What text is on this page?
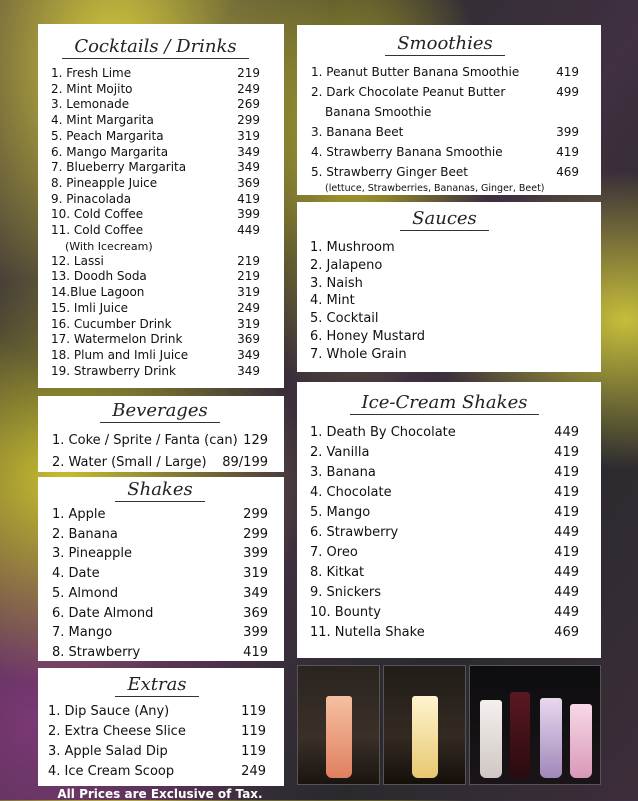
Cocktails / Drinks
1. Fresh Lime	219
2. Mint Mojito	249
3. Lemonade	269
4. Mint Margarita	299
5. Peach Margarita	319
6. Mango Margarita	349
7. Blueberry Margarita	349
8. Pineapple Juice	369
9. Pinacolada	419
10. Cold Coffee	399
11. Cold Coffee	449
(With Icecream)
12. Lassi	219
13. Doodh Soda	219
14.Blue Lagoon	319
15. Imli Juice	249
16. Cucumber Drink	319
17. Watermelon Drink	369
18. Plum and Imli Juice	349
19. Strawberry Drink	349
Beverages
1. Coke / Sprite / Fanta (can) 129
2. Water (Small / Large) 89/199
Shakes
1. Apple	299
2. Banana	299
3. Pineapple	399
4. Date	319
5. Almond	349
6. Date Almond	369
7. Mango	399
8. Strawberry	419
Extras
1. Dip Sauce (Any)	119
2. Extra Cheese Slice	119
3. Apple Salad Dip	119
4. Ice Cream Scoop	249
Smoothies
1. Peanut Butter Banana Smoothie	419
2. Dark Chocolate Peanut Butter	499
Banana Smoothie
3. Banana Beet	399
4. Strawberry Banana Smoothie	419
5. Strawberry Ginger Beet	469
(lettuce, Strawberries, Bananas, Ginger, Beet)
Sauces
1. Mushroom
2. Jalapeno
3. Naish
4. Mint
5. Cocktail
6. Honey Mustard
7. Whole Grain
Ice-Cream Shakes
1. Death By Chocolate	449
2. Vanilla	419
3. Banana	419
4. Chocolate	419
5. Mango	419
6. Strawberry	449
7. Oreo	419
8. Kitkat	449
9. Snickers	449
10. Bounty	449
11. Nutella Shake	469
All Prices are Exclusive of Tax.
